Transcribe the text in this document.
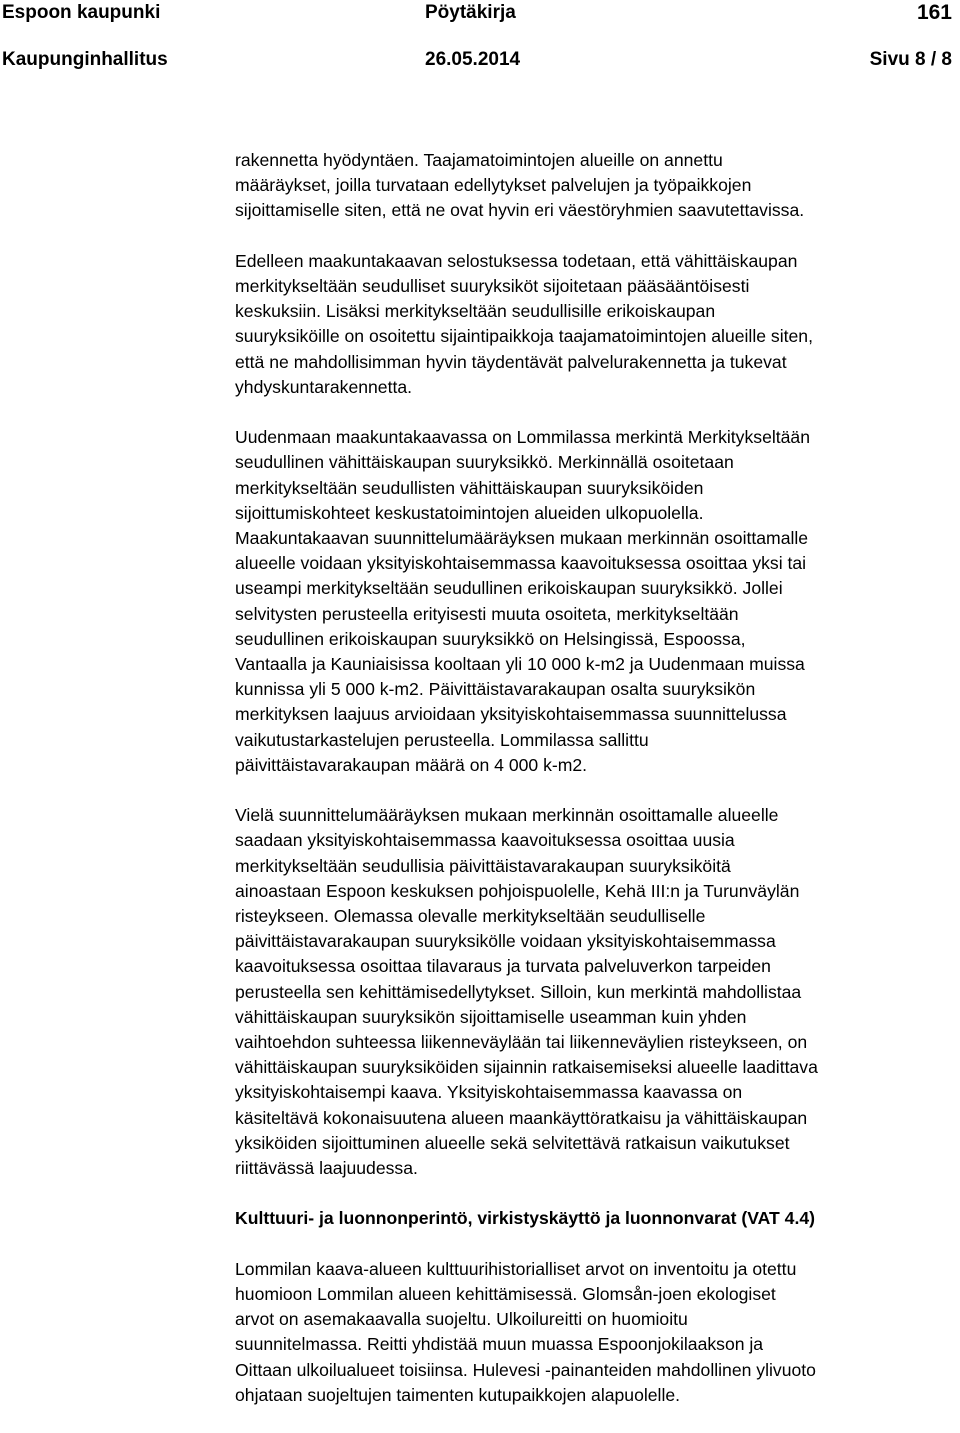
Espoon kaupunki	Pöytäkirja	161
Kaupunginhallitus	26.05.2014	Sivu 8 / 8

rakennetta hyödyntäen. Taajamatoimintojen alueille on annettu
määräykset, joilla turvataan edellytykset palvelujen ja työpaikkojen
sijoittamiselle siten, että ne ovat hyvin eri väestöryhmien saavutettavissa.

Edelleen maakuntakaavan selostuksessa todetaan, että vähittäiskaupan
merkitykseltään seudulliset suuryksiköt sijoitetaan pääsääntöisesti
keskuksiin. Lisäksi merkitykseltään seudullisille erikoiskaupan
suuryksiköille on osoitettu sijaintipaikkoja taajamatoimintojen alueille siten,
että ne mahdollisimman hyvin täydentävät palvelurakennetta ja tukevat
yhdyskuntarakennetta.

Uudenmaan maakuntakaavassa on Lommilassa merkintä Merkitykseltään
seudullinen vähittäiskaupan suuryksikkö. Merkinnällä osoitetaan
merkitykseltään seudullisten vähittäiskaupan suuryksiköiden
sijoittumiskohteet keskustatoimintojen alueiden ulkopuolella.
Maakuntakaavan suunnittelumääräyksen mukaan merkinnän osoittamalle
alueelle voidaan yksityiskohtaisemmassa kaavoituksessa osoittaa yksi tai
useampi merkitykseltään seudullinen erikoiskaupan suuryksikkö. Jollei
selvitysten perusteella erityisesti muuta osoiteta, merkitykseltään
seudullinen erikoiskaupan suuryksikkö on Helsingissä, Espoossa,
Vantaalla ja Kauniaisissa kooltaan yli 10 000 k-m2 ja Uudenmaan muissa
kunnissa yli 5 000 k-m2. Päivittäistavarakaupan osalta suuryksikön
merkityksen laajuus arvioidaan yksityiskohtaisemmassa suunnittelussa
vaikutustarkastelujen perusteella. Lommilassa sallittu
päivittäistavarakaupan määrä on 4 000 k-m2.

Vielä suunnittelumääräyksen mukaan merkinnän osoittamalle alueelle
saadaan yksityiskohtaisemmassa kaavoituksessa osoittaa uusia
merkitykseltään seudullisia päivittäistavarakaupan suuryksiköitä
ainoastaan Espoon keskuksen pohjoispuolelle, Kehä III:n ja Turunväylän
risteykseen. Olemassa olevalle merkitykseltään seudulliselle
päivittäistavarakaupan suuryksikölle voidaan yksityiskohtaisemmassa
kaavoituksessa osoittaa tilavaraus ja turvata palveluverkon tarpeiden
perusteella sen kehittämisedellytykset. Silloin, kun merkintä mahdollistaa
vähittäiskaupan suuryksikön sijoittamiselle useamman kuin yhden
vaihtoehdon suhteessa liikenneväylään tai liikenneväylien risteykseen, on
vähittäiskaupan suuryksiköiden sijainnin ratkaisemiseksi alueelle laadittava
yksityiskohtaisempi kaava. Yksityiskohtaisemmassa kaavassa on
käsiteltävä kokonaisuutena alueen maankäyttöratkaisu ja vähittäiskaupan
yksiköiden sijoittuminen alueelle sekä selvitettävä ratkaisun vaikutukset
riittävässä laajuudessa.

Kulttuuri- ja luonnonperintö, virkistyskäyttö ja luonnonvarat (VAT 4.4)

Lommilan kaava-alueen kulttuurihistorialliset arvot on inventoitu ja otettu
huomioon Lommilan alueen kehittämisessä. Glomsån-joen ekologiset
arvot on asemakaavalla suojeltu. Ulkoilureitti on huomioitu
suunnitelmassa. Reitti yhdistää muun muassa Espoonjokilaakson ja
Oittaan ulkoilualueet toisiinsa. Hulevesi -painanteiden mahdollinen ylivuoto
ohjataan suojeltujen taimenten kutupaikkojen alapuolelle.
